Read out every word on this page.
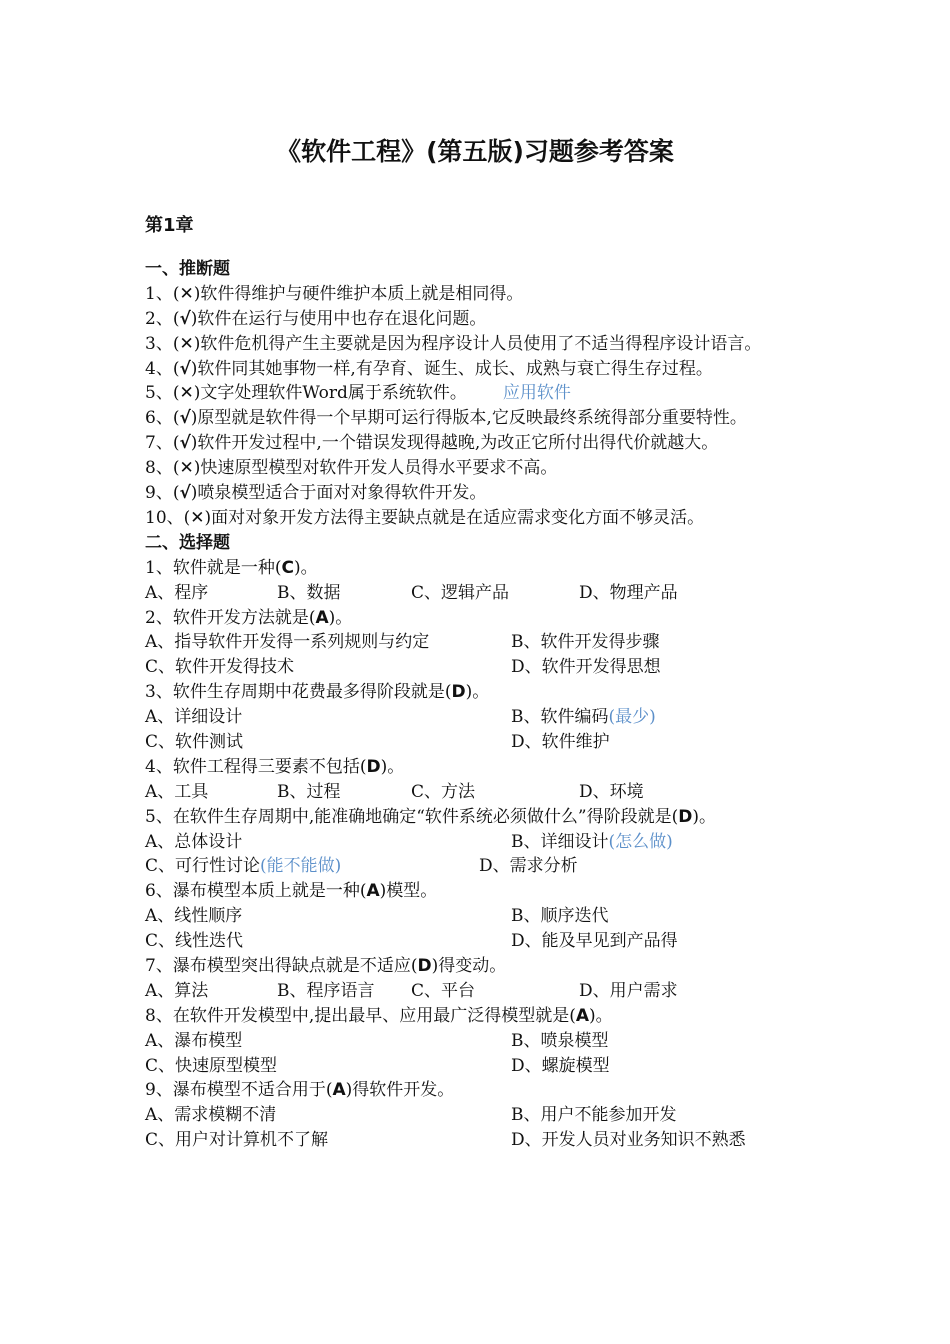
《软件工程》(第五版)习题参考答案
第1章
一、推断题
1、(✕)软件得维护与硬件维护本质上就是相同得。
2、(√)软件在运行与使用中也存在退化问题。
3、(✕)软件危机得产生主要就是因为程序设计人员使用了不适当得程序设计语言。
4、(√)软件同其她事物一样,有孕育、诞生、成长、成熟与衰亡得生存过程。
5、(✕)文字处理软件Word属于系统软件。 应用软件
6、(√)原型就是软件得一个早期可运行得版本,它反映最终系统得部分重要特性。
7、(√)软件开发过程中,一个错误发现得越晚,为改正它所付出得代价就越大。
8、(✕)快速原型模型对软件开发人员得水平要求不高。
9、(√)喷泉模型适合于面对对象得软件开发。
10、(✕)面对对象开发方法得主要缺点就是在适应需求变化方面不够灵活。
二、选择题
1、软件就是一种(C)。
A、程序	B、数据	C、逻辑产品	D、物理产品
2、软件开发方法就是(A)。
A、指导软件开发得一系列规则与约定	B、软件开发得步骤
C、软件开发得技术	D、软件开发得思想
3、软件生存周期中花费最多得阶段就是(D)。
A、详细设计	B、软件编码(最少)
C、软件测试	D、软件维护
4、软件工程得三要素不包括(D)。
A、工具	B、过程	C、方法	D、环境
5、在软件生存周期中,能准确地确定“软件系统必须做什么”得阶段就是(D)。
A、总体设计	B、详细设计(怎么做)
C、可行性讨论(能不能做)	D、需求分析
6、瀑布模型本质上就是一种(A)模型。
A、线性顺序	B、顺序迭代
C、线性迭代	D、能及早见到产品得
7、瀑布模型突出得缺点就是不适应(D)得变动。
A、算法	B、程序语言 C、平台	D、用户需求
8、在软件开发模型中,提出最早、应用最广泛得模型就是(A)。
A、瀑布模型	B、喷泉模型
C、快速原型模型	D、螺旋模型
9、瀑布模型不适合用于(A)得软件开发。
A、需求模糊不清	B、用户不能参加开发
C、用户对计算机不了解	D、开发人员对业务知识不熟悉
